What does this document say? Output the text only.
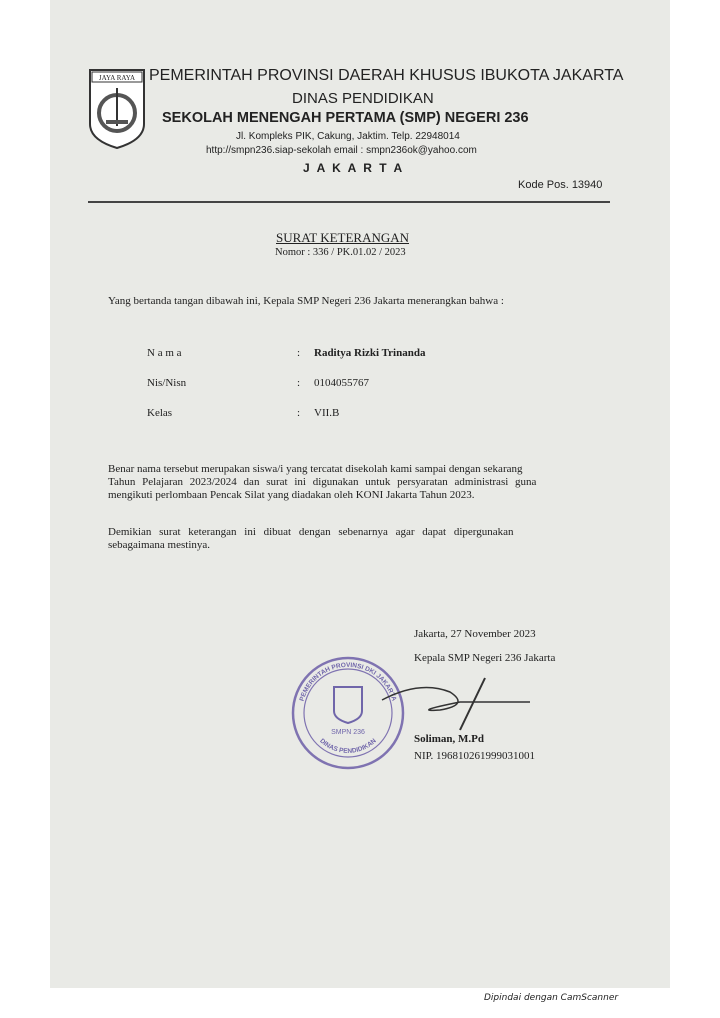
JAYA RAYA PEMERINTAH PROVINSI DAERAH KHUSUS IBUKOTA JAKARTA
DINAS PENDIDIKAN
SEKOLAH MENENGAH PERTAMA (SMP) NEGERI 236
Jl. Kompleks PIK, Cakung, Jaktim. Telp. 22948014
http://smpn236.siap-sekolah email : smpn236ok@yahoo.com
J A K A R T A
Kode Pos. 13940
SURAT KETERANGAN
Nomor : 336 / PK.01.02 / 2023
Yang bertanda tangan dibawah ini, Kepala SMP Negeri 236 Jakarta menerangkan bahwa :
N a m a	: Raditya Rizki Trinanda
Nis/Nisn	: 0104055767
Kelas	: VII.B
Benar nama tersebut merupakan siswa/i yang tercatat disekolah kami sampai dengan sekarang
Tahun Pelajaran 2023/2024 dan surat ini digunakan untuk persyaratan administrasi guna
mengikuti perlombaan Pencak Silat yang diadakan oleh KONI Jakarta Tahun 2023.
Demikian surat keterangan ini dibuat dengan sebenarnya agar dapat dipergunakan
sebagaimana mestinya.
Jakarta, 27 November 2023
Kepala SMP Negeri 236 Jakarta
PEMERINTAH PROVINSI DKI JAKARTA
DINAS PENDIDIKAN
SMPN 236
Soliman, M.Pd
NIP. 196810261999031001
Dipindai dengan CamScanner
